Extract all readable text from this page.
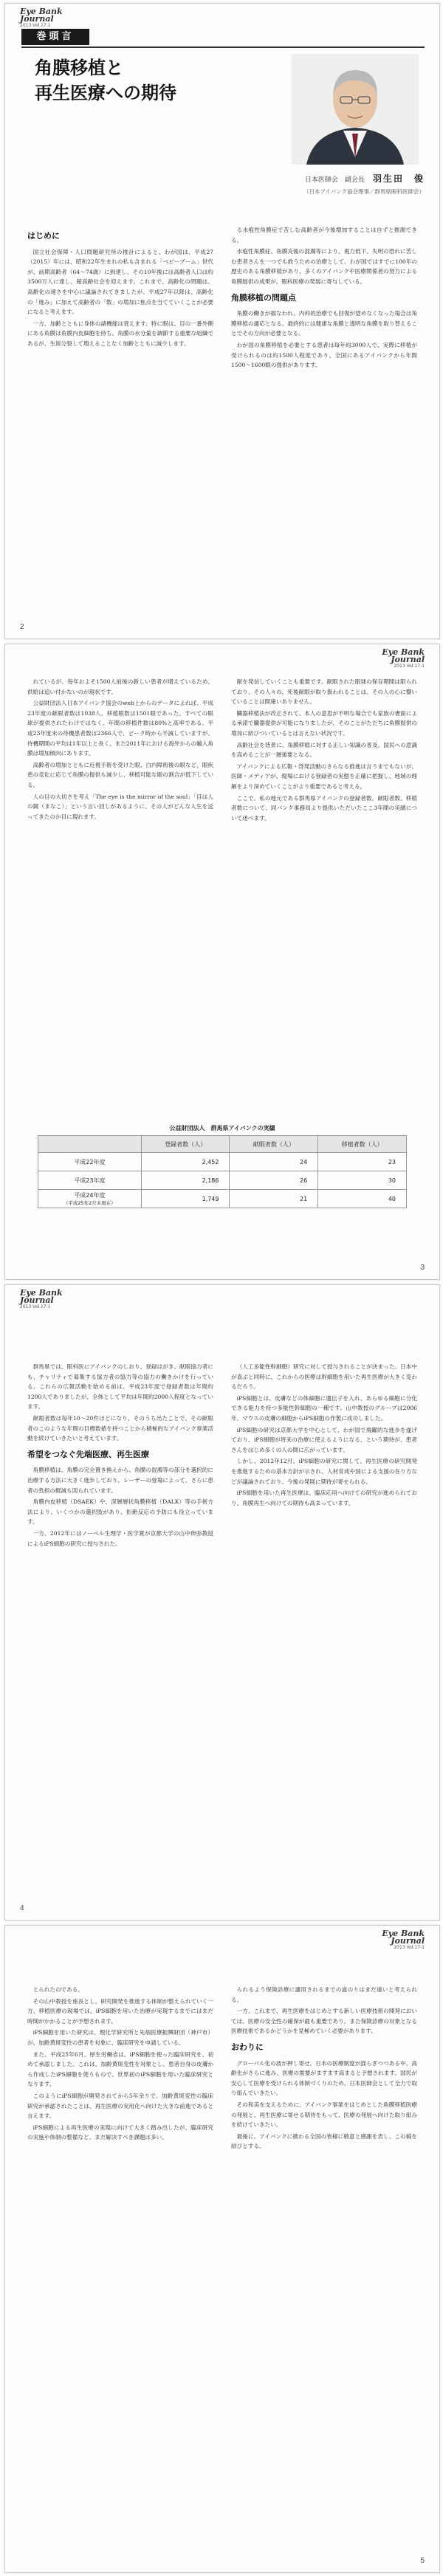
Eye Bank
Journal
2013 Vol.17-1
巻頭言
角膜移植と
再生医療への期待
日本医師会　副会長 羽生田　俊
（日本アイバンク協会理事／群馬県眼科医師会）
はじめに

国立社会保障・人口問題研究所の推計によると、わが国は、平成27（2015）年には、昭和22年生まれの私も含まれる「ベビーブーム」世代が、前期高齢者（64〜74歳）に到達し、その10年後には高齢者人口は約3500万人に達し、超高齢社会を迎えます。これまで、高齢化の問題は、高齢化の速さを中心に議論されてきましたが、平成27年以降は、高齢化の「進み」に加えて高齢者の「数」の増加に焦点を当てていくことが必要になると考えます。

一方、加齢とともに身体の諸機能は衰えます。特に眼は、目の一番外側にある角膜は角膜内皮細胞を持ち、角膜の水分量を調節する重要な組織であるが、生涯分裂して増えることなく加齢とともに減少します。

る水疱性角膜症で苦しむ高齢者が今後増加することは自ずと推測できる。

水疱性角膜症、角膜炎後の混濁等により、視力低下、失明の恐れに苦しむ患者さんを一つでも救うための治療として、わが国ではすでに100年の歴史のある角膜移植があり、多くのアイバンクや医療関係者の努力による角膜提供の成果が、眼科医療の発展に寄与している。

角膜移植の問題点

角膜の働きが損なわれ、内科的治療でも回復が望めなくなった場合は角膜移植の適応となる。最終的には健康な角膜と透明な角膜を取り替えることでその方向が必要となる。

わが国の角膜移植を必要とする患者は毎年約3000人で、実際に移植が受けられるのは約1500人程度であり、全国にあるアイバンクから年間1500〜1600眼の提供があります。

2
Eye Bank
Journal
2013 Vol.17-1

れているが、毎年およそ1500人前後の新しい患者が増えているため、供給は追い付かないのが現状です。

公益財団法人日本アイバンク協会のweb上からのデータによれば、平成23年度の献眼者数は1038人、移植眼数は1501眼であった。すべての眼球が提供されたわけではなく、年間の移植件数は80%と高率である。平成23年度末の待機患者数は2366人で、ピーク時から半減していますが、待機期間の平均は1年以上と長く、また2011年における海外からの輸入角膜は増加傾向にあります。

高齢者の増加とともに近視手術を受けた眼、白内障術後の眼など、眼疾患の変化に応じて角膜の提供も減少し、移植可能な眼の割合が低下している。

人の目の大切さを考え「The eye is the mirror of the soul」「目は人の鏡（まなこ）」という言い回しがあるように、その人がどんな人生を送ってきたのか目に現れます。

献を発信していくことも重要です。献眼された眼球の保存期間は限られており、その人々の、死後献眼が取り扱われることは、その人の心に響いていることは間違いありません。

臓器移植法が改正されて、本人の意思が不明な場合でも家族の書面による承諾で臓器提供が可能になりましたが、そのことがただちに角膜提供の増加に結びついているとは言えない状況です。

高齢社会を背景に、角膜移植に対する正しい知識の普及、国民への意識を高めることが一層重要となる。

アイバンクによる広報・啓発活動のさらなる推進は言うまでもないが、医師・メディアが、現場における登録者の実態を正確に把握し、地域の理解をより深めていくことがより重要であると考える。

ここで、私の地元である群馬県アイバンクの登録者数、献眼者数、移植者数について、同バンク事務局より提供いただいたここ3年間の実績について述べます。

公益財団法人　群馬県アイバンクの実績
	登録者数（人）	献眼者数（人）	移植者数（人）
平成22年度	2,452	24	23
平成23年度	2,186	26	30
平成24年度
（平成25年2月末現在）	1,749	21	40
3
Eye Bank
Journal
2013 Vol.17-1

群馬県では、眼科医にアイバンクのしおり、登録はがき、献眼協力者にも、チャリティで募集する協力者の協力等の協力の働きかけを行っている。これらの広報活動を始める前は、平成23年度で登録者数は年間約1200人でありましたが、全体として平均は年間約2000人程度となっています。

献眼者数は毎年10〜20件ほどになり、そのうち出たことで、その献眼者のこのような年間の目標数値を持つことから積極的なアイバンク事業活動を続けていきたいと考えています。

希望をつなぐ先端医療、再生医療

角膜移植は、角膜の完全置き換えから、角膜の混濁等の部分を選択的に治療する方法に大きく進歩しており、レーザーの登場によって、さらに患者の負担の軽減も図られています。

角膜内皮移植（DSAEK）や、深層層状角膜移植（DALK）等の手術方法により、いくつかの選択肢があり、拒絶反応の予防にも役立っています。

一方、2012年にはノーベル生理学・医学賞が京都大学の山中伸弥教授によるiPS細胞の研究に授与された。

（人工多能性幹細胞）研究に対して授与されることが決まった。日本中が喜ぶと同時に、これからの医療は幹細胞を用いた再生医療が大きく変わるだろう。

iPS細胞とは、皮膚などの体細胞に遺伝子を入れ、あらゆる細胞に分化できる能力を持つ多能性幹細胞の一種です。山中教授のグループは2006年、マウスの皮膚の細胞からiPS細胞の作製に成功しました。

iPS細胞の研究は京都大学を中心として、わが国で飛躍的な進歩を遂げており、iPS細胞が将来の治療に使えるようになる、という期待が、患者さんをはじめ多くの人の間に広がっています。

しかし、2012年12月、iPS細胞の研究に関して、再生医療の研究開発を推進するための基本方針が示され、人材育成や国による支援の在り方などが議論されており、今後の発展に期待が寄せられる。

iPS細胞を用いた再生医療は、臨床応用へ向けての研究が進められており、角膜再生へ向けての期待も高まっています。

4
Eye Bank
Journal
2013 Vol.17-1

とられたのである。

その山中教授を座長とし、研究開発を推進する体制が整えられていく一方、移植医療の現場では、iPS細胞を用いた治療が実現するまでにはまだ時間がかかることが予想されます。

iPS細胞を用いた研究は、理化学研究所と先端医療振興財団（神戸市）が、加齢黄斑変性の患者を対象に、臨床研究を申請している。

また、平成25年6月、厚生労働省は、iPS細胞を使った臨床研究を、初めて承認しました。これは、加齢黄斑変性を対象とし、患者自身の皮膚から作成したiPS細胞を使うもので、世界初のiPS細胞を用いた臨床研究となります。

このようにiPS細胞が開発されてから5年余りで、加齢黄斑変性の臨床研究が承認されたことは、再生医療の実用化へ向けた大きな前進であると言えます。

iPS細胞による再生医療の実現に向けて大きく踏み出したが、臨床研究の実施や体制の整備など、まだ解決すべき課題は多い。

られるよう保険診療に適用されるまでの道のりはまだ遠いと考えられる。

一方、これまで、再生医療をはじめとする新しい医療技術の開発においては、医療の安全性の確保が最も重要であり、また保険診療の対象となる医療技術であるかどうかを見極めていく必要があります。

おわりに

グローバル化の波が押し寄せ、日本の医療制度が揺らぎつつある中、高齢化がさらに進み、医療の需要がますます高まると予想されます。国民が安心して医療を受けられる体制づくりのため、日本医師会として全力で取り組んでいきたい。

その和美を支えるために、アイバンク事業をはじめとした角膜移植医療の発展と、再生医療に寄せる期待をもって、医療の発展へ向けた取り組みを続けていきたい。

最後に、アイバンクに携わる全国の皆様に敬意と感謝を表し、この稿を結びとする。

5
